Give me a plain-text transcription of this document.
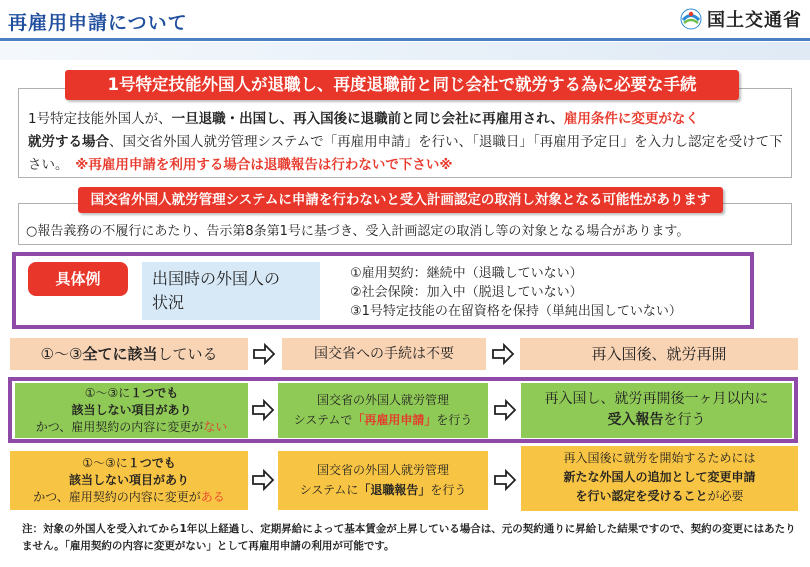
再雇用申請について	国土交通省
1号特定技能外国人が退職し、再度退職前と同じ会社で就労する為に必要な手続
1号特定技能外国人が、一旦退職・出国し、再入国後に退職前と同じ会社に再雇用され、雇用条件に変更がなく
就労する場合、国交省外国人就労管理システムで「再雇用申請」を行い、「退職日」「再雇用予定日」を入力し認定を受けて下さい。　 ※再雇用申請を利用する場合は退職報告は行わないで下さい※
国交省外国人就労管理システムに申請を行わないと受入計画認定の取消し対象となる可能性があります
○報告義務の不履行にあたり、告示第8条第1号に基づき、受入計画認定の取消し等の対象となる場合があります。
具体例	出国時の外国人の
状況
①雇用契約：継続中（退職していない）
②社会保険：加入中（脱退していない）
③1号特定技能の在留資格を保持（単純出国していない）
①～③全てに該当している	国交省への手続は不要	再入国後、就労再開
①～③に１つでも
該当しない項目があり
かつ、雇用契約の内容に変更がない
国交省の外国人就労管理
システムで「再雇用申請」を行う
再入国し、就労再開後一ヶ月以内に
受入報告を行う
①～③に１つでも
該当しない項目があり
かつ、雇用契約の内容に変更がある
国交省の外国人就労管理
システムに「退職報告」を行う
再入国後に就労を開始するためには
新たな外国人の追加として変更申請
を行い認定を受けることが必要
注：対象の外国人を受入れてから1年以上経過し、定期昇給によって基本賃金が上昇している場合は、元の契約通りに昇給した結果ですので、契約の変更にはあたりません。「雇用契約の内容に変更がない」として再雇用申請の利用が可能です。
